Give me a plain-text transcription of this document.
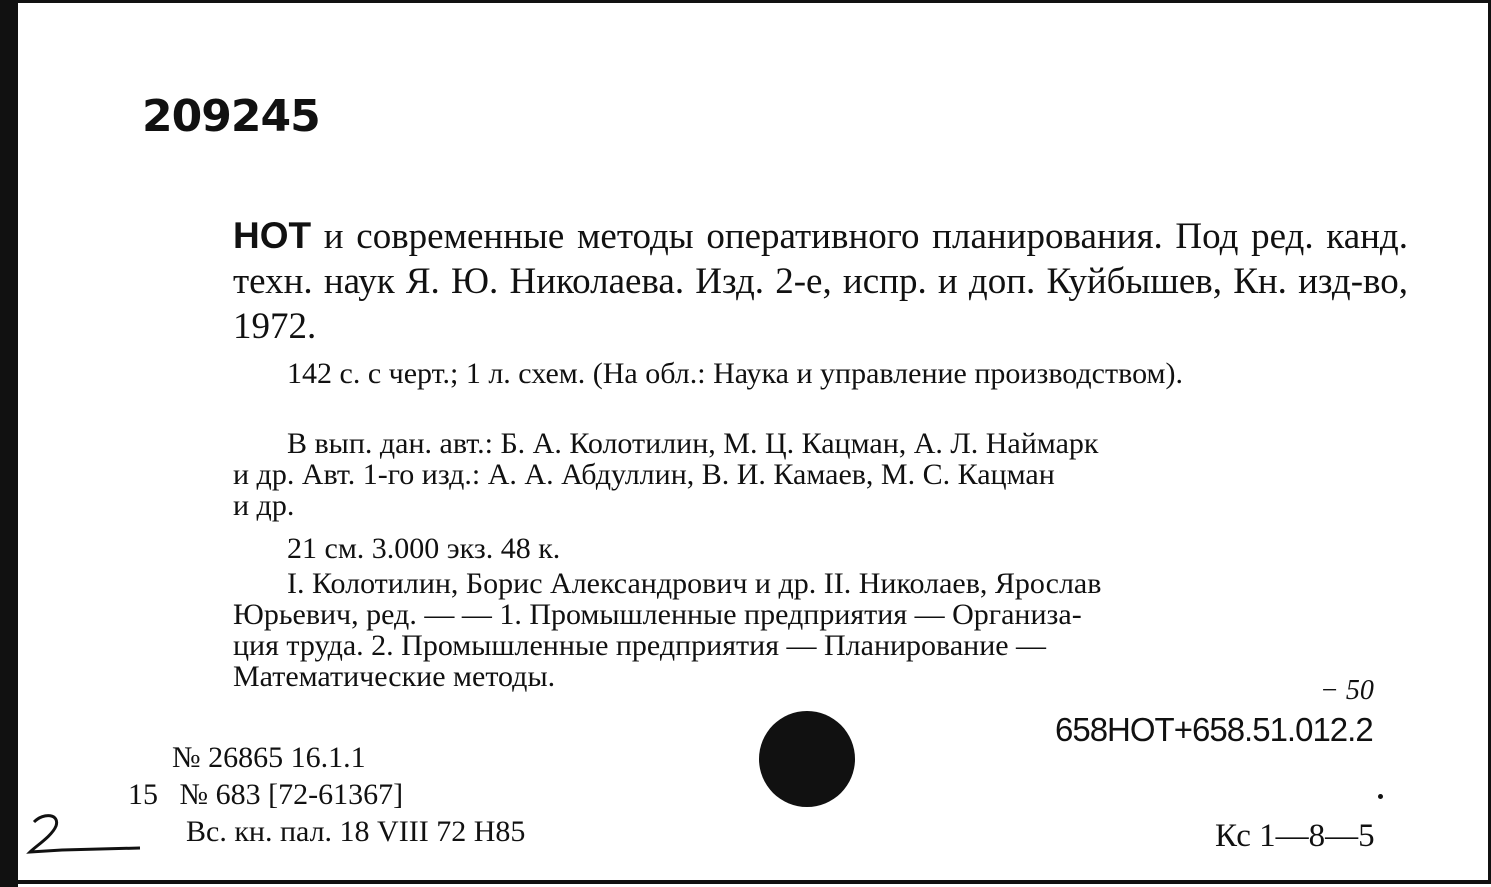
209245
НОТ и современные методы оперативного планирования. Под ред. канд. техн. наук Я. Ю. Николаева. Изд. 2-е, испр. и доп. Куйбышев, Кн. изд-во, 1972.
142 с. с черт.; 1 л. схем. (На обл.: Наука и управление производством).
В вып. дан. авт.: Б. А. Колотилин, М. Ц. Кацман, А. Л. Наймарк
и др. Авт. 1-го изд.: А. А. Абдуллин, В. И. Камаев, М. С. Кацман
и др.
21 см. 3.000 экз. 48 к.
I. Колотилин, Борис Александрович и др. II. Николаев, Ярослав
Юрьевич, ред. — — 1. Промышленные предприятия — Организа-
ция труда. 2. Промышленные предприятия — Планирование —
Математические методы.	− 50
658НОТ+658.51.012.2
№ 26865 16.1.1
15 № 683 [72-61367]
Вс. кн. пал. 18 VIII 72 Н85	Кс 1—8—5
